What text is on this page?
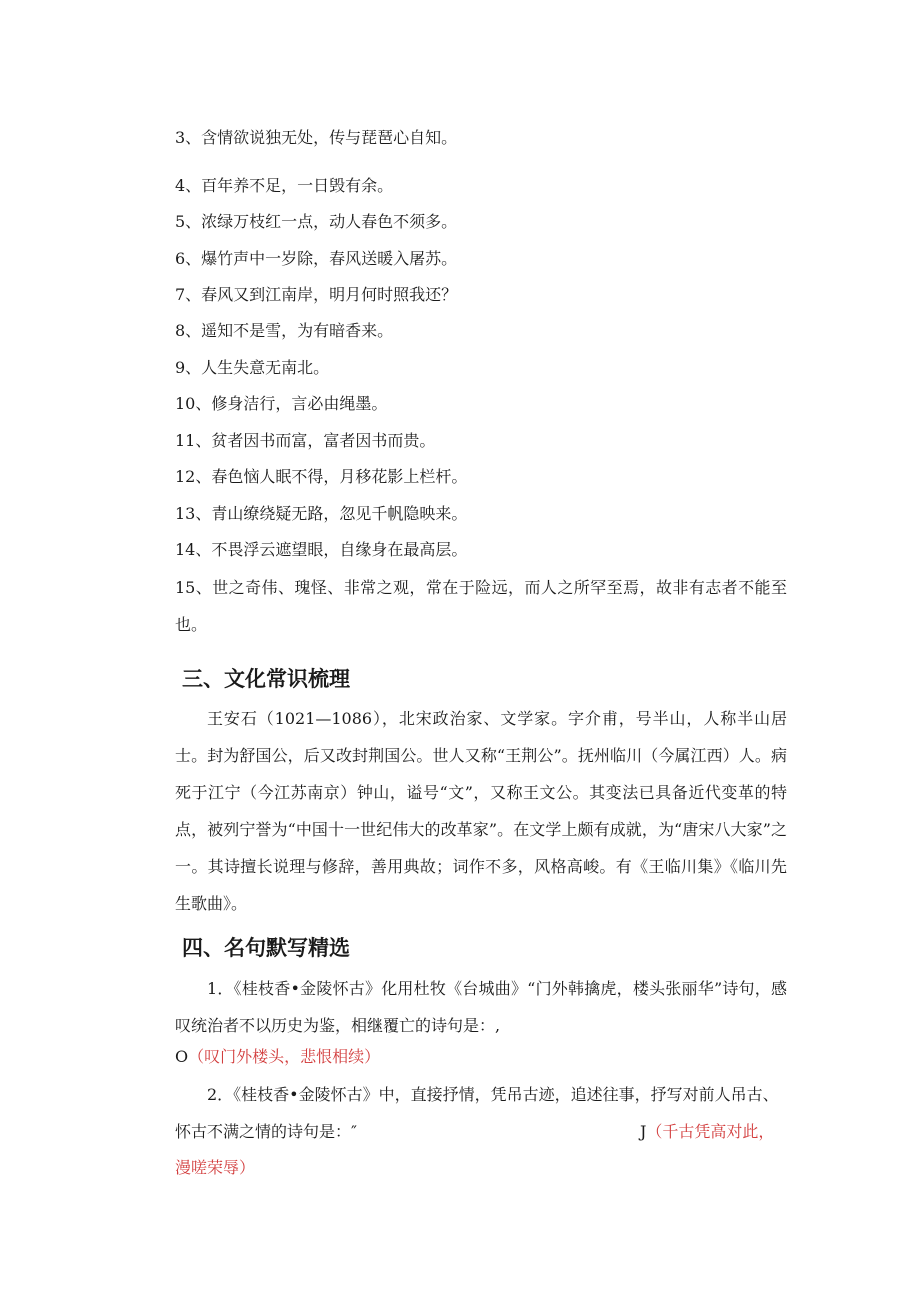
3、含情欲说独无处，传与琵琶心自知。
4、百年养不足，一日毁有余。
5、浓绿万枝红一点，动人春色不须多。
6、爆竹声中一岁除，春风送暖入屠苏。
7、春风又到江南岸，明月何时照我还？
8、遥知不是雪，为有暗香来。
9、人生失意无南北。
10、修身洁行，言必由绳墨。
11、贫者因书而富，富者因书而贵。
12、春色恼人眠不得，月移花影上栏杆。
13、青山缭绕疑无路，忽见千帆隐映来。
14、不畏浮云遮望眼，自缘身在最高层。

15、世之奇伟、瑰怪、非常之观，常在于险远，而人之所罕至焉，故非有志者不能至也。

三、文化常识梳理

王安石（1021—1086），北宋政治家、文学家。字介甫，号半山，人称半山居士。封为舒国公，后又改封荆国公。世人又称“王荆公”。抚州临川（今属江西）人。病死于江宁（今江苏南京）钟山，谥号“文”，又称王文公。其变法已具备近代变革的特点，被列宁誉为“中国十一世纪伟大的改革家”。在文学上颇有成就，为“唐宋八大家”之一。其诗擅长说理与修辞，善用典故；词作不多，风格高峻。有《王临川集》《临川先生歌曲》。

四、名句默写精选

1．《桂枝香•金陵怀古》化用杜牧《台城曲》“门外韩擒虎，楼头张丽华”诗句，感叹统治者不以历史为鉴，相继覆亡的诗句是：,

O（叹门外楼头，悲恨相续）
2．《桂枝香•金陵怀古》中，直接抒情，凭吊古迹，追述往事，抒写对前人吊古、
怀古不满之情的诗句是：″	J（千古凭高对此，
漫嗟荣辱）
